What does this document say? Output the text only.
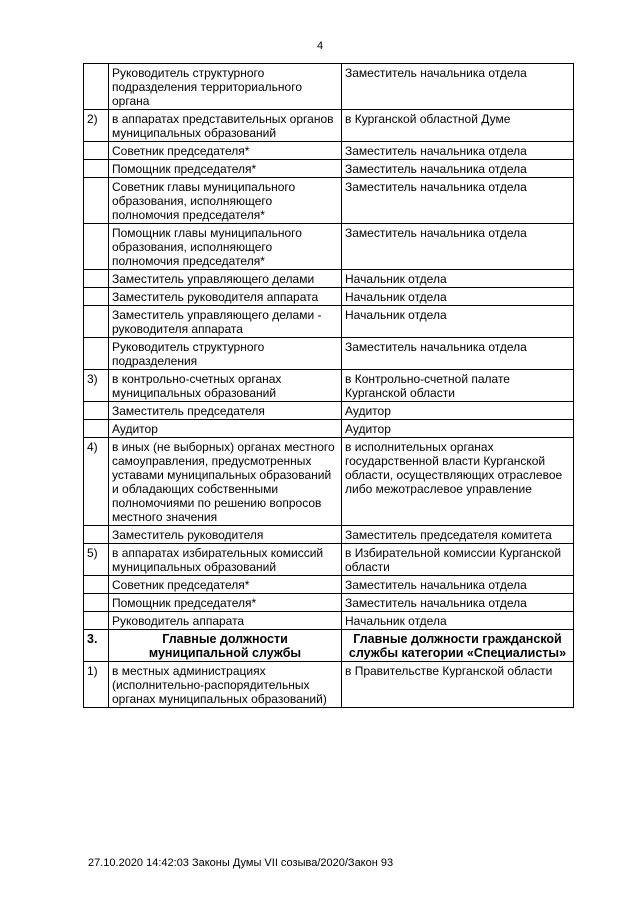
4
	Руководитель структурного подразделения территориального органа	Заместитель начальника отдела
2)	в аппаратах представительных органов муниципальных образований	в Курганской областной Думе
	Советник председателя*	Заместитель начальника отдела
	Помощник председателя*	Заместитель начальника отдела
	Советник главы муниципального образования, исполняющего полномочия председателя*	Заместитель начальника отдела
	Помощник главы муниципального образования, исполняющего полномочия председателя*	Заместитель начальника отдела
	Заместитель управляющего делами	Начальник отдела
	Заместитель руководителя аппарата	Начальник отдела
	Заместитель управляющего делами - руководителя аппарата	Начальник отдела
	Руководитель структурного подразделения	Заместитель начальника отдела
3)	в контрольно-счетных органах муниципальных образований	в Контрольно-счетной палате Курганской области
	Заместитель председателя	Аудитор
	Аудитор	Аудитор
4)	в иных (не выборных) органах местного самоуправления, предусмотренных уставами муниципальных образований и обладающих собственными полномочиями по решению вопросов местного значения	в исполнительных органах государственной власти Курганской области, осуществляющих отраслевое либо межотраслевое управление
	Заместитель руководителя	Заместитель председателя комитета
5)	в аппаратах избирательных комиссий муниципальных образований	в Избирательной комиссии Курганской области
	Советник председателя*	Заместитель начальника отдела
	Помощник председателя*	Заместитель начальника отдела
	Руководитель аппарата	Начальник отдела
3.	Главные должности муниципальной службы	Главные должности гражданской службы категории «Специалисты»
1)	в местных администрациях (исполнительно-распорядительных органах муниципальных образований)	в Правительстве Курганской области
27.10.2020 14:42:03 Законы Думы VII созыва/2020/Закон 93
